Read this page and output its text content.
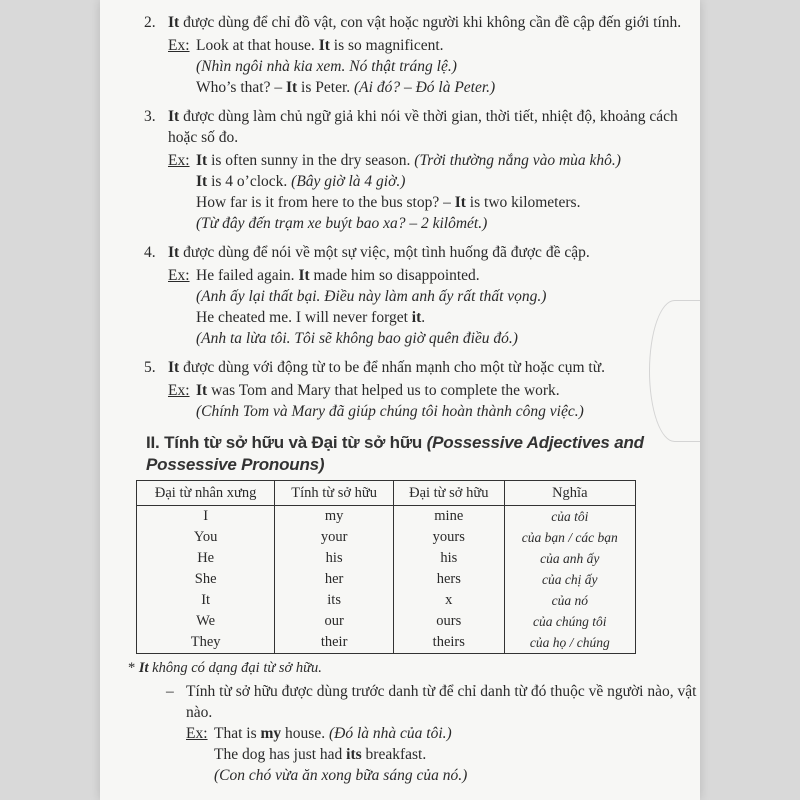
2. It được dùng để chỉ đồ vật, con vật hoặc người khi không cần đề cập đến giới tính.
Ex: Look at that house. It is so magnificent.
(Nhìn ngôi nhà kia xem. Nó thật tráng lệ.)
Who’s that? – It is Peter. (Ai đó? – Đó là Peter.)
3. It được dùng làm chủ ngữ giả khi nói về thời gian, thời tiết, nhiệt độ, khoảng cách hoặc số đo.
Ex: It is often sunny in the dry season. (Trời thường nắng vào mùa khô.)
It is 4 o’clock. (Bây giờ là 4 giờ.)
How far is it from here to the bus stop? – It is two kilometers.
(Từ đây đến trạm xe buýt bao xa? – 2 kilômét.)
4. It được dùng để nói về một sự việc, một tình huống đã được đề cập.
Ex: He failed again. It made him so disappointed.
(Anh ấy lại thất bại. Điều này làm anh ấy rất thất vọng.)
He cheated me. I will never forget it.
(Anh ta lừa tôi. Tôi sẽ không bao giờ quên điều đó.)
5. It được dùng với động từ to be để nhấn mạnh cho một từ hoặc cụm từ.
Ex: It was Tom and Mary that helped us to complete the work.
(Chính Tom và Mary đã giúp chúng tôi hoàn thành công việc.)
II. Tính từ sở hữu và Đại từ sở hữu (Possessive Adjectives and Possessive Pronouns)
Đại từ nhân xưng	Tính từ sở hữu	Đại từ sở hữu	Nghĩa
I	my	mine	của tôi
You	your	yours	của bạn / các bạn
He	his	his	của anh ấy
She	her	hers	của chị ấy
It	its	x	của nó
We	our	ours	của chúng tôi
They	their	theirs	của họ / chúng
* It không có dạng đại từ sở hữu.
– Tính từ sở hữu được dùng trước danh từ để chỉ danh từ đó thuộc về người nào, vật nào.
Ex: That is my house. (Đó là nhà của tôi.)
The dog has just had its breakfast.
(Con chó vừa ăn xong bữa sáng của nó.)
